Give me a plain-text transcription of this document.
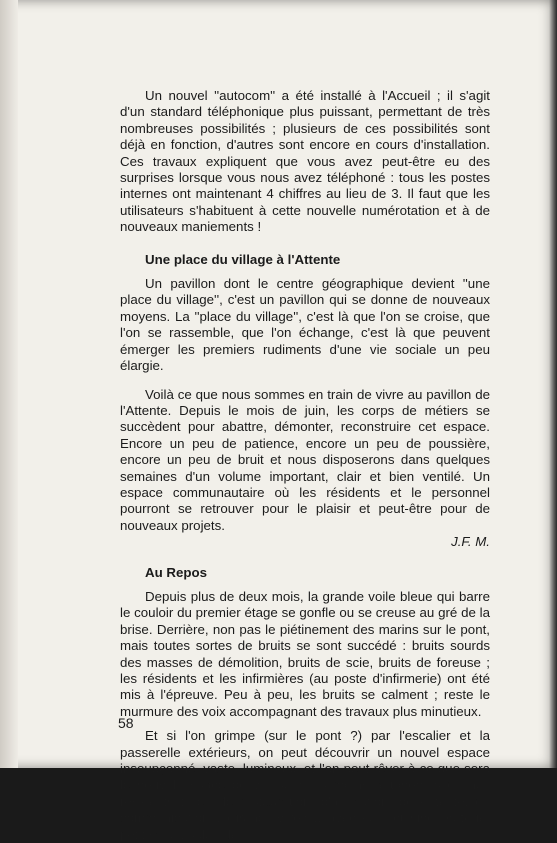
Un nouvel ''autocom'' a été installé à l'Accueil ; il s'agit d'un standard téléphonique plus puissant, permettant de très nombreuses possibilités ; plusieurs de ces possibilités sont déjà en fonction, d'autres sont encore en cours d'installation. Ces travaux expliquent que vous avez peut-être eu des surprises lorsque vous nous avez téléphoné : tous les postes internes ont maintenant 4 chiffres au lieu de 3. Il faut que les utilisateurs s'habituent à cette nouvelle numérotation et à de nouveaux maniements !

Une place du village à l'Attente

Un pavillon dont le centre géographique devient ''une place du village'', c'est un pavillon qui se donne de nouveaux moyens. La ''place du village'', c'est là que l'on se croise, que l'on se rassemble, que l'on échange, c'est là que peuvent émerger les premiers rudiments d'une vie sociale un peu élargie.

Voilà ce que nous sommes en train de vivre au pavillon de l'Attente. Depuis le mois de juin, les corps de métiers se succèdent pour abattre, démonter, reconstruire cet espace. Encore un peu de patience, encore un peu de poussière, encore un peu de bruit et nous disposerons dans quelques semaines d'un volume important, clair et bien ventilé. Un espace communautaire où les résidents et le personnel pourront se retrouver pour le plaisir et peut-être pour de nouveaux projets.

J.F. M.

Au Repos

Depuis plus de deux mois, la grande voile bleue qui barre le couloir du premier étage se gonfle ou se creuse au gré de la brise. Derrière, non pas le piétinement des marins sur le pont, mais toutes sortes de bruits se sont succédé : bruits sourds des masses de démolition, bruits de scie, bruits de foreuse ; les résidents et les infirmières (au poste d'infirmerie) ont été mis à l'épreuve. Peu à peu, les bruits se calment ; reste le murmure des voix accompagnant des travaux plus minutieux.

Et si l'on grimpe (sur le pont ?) par l'escalier et la passerelle extérieurs, on peut découvrir un nouvel espace insoupçonné, vaste, lumineux, et l'on peut rêver à ce que sera le nouvel espace de vie pour les moins autonomes de nos résidents : lieu de restauration, d'animation, de détente, de communication... (grand ''vivoir''), avec coin cuisine protégé, petit salon, salon de

58
